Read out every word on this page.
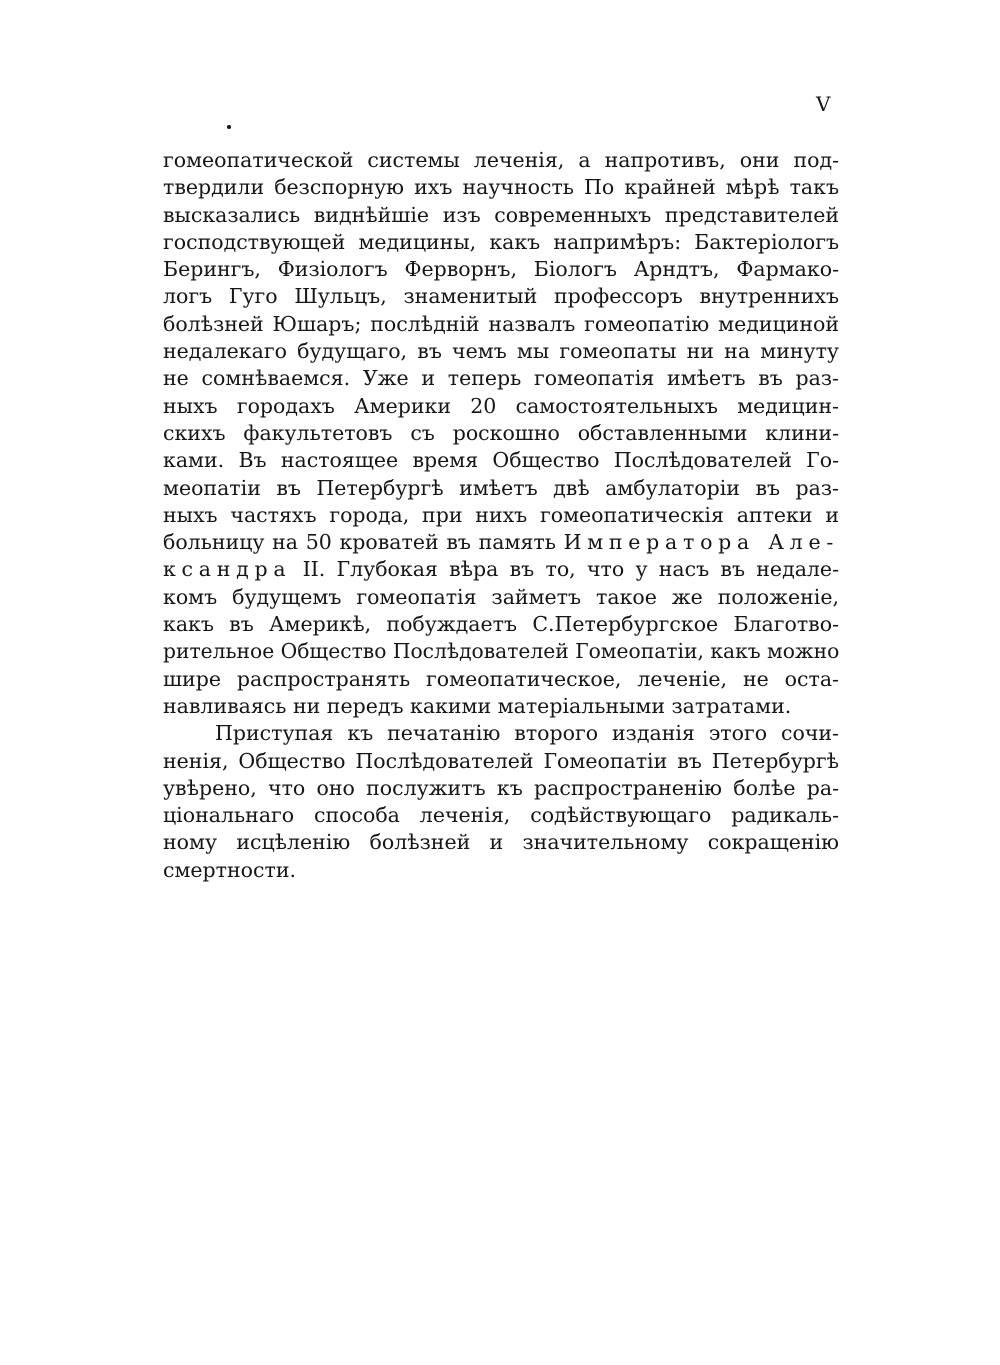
V
гомеопатической системы леченія, а напротивъ, они под-
твердили безспорную ихъ научность По крайней мѣрѣ такъ
высказались виднѣйшіе изъ современныхъ представителей
господствующей медицины, какъ напримѣръ: Бактеріологъ
Берингъ, Физіологъ Ферворнъ, Біологъ Арндтъ, Фармако-
логъ Гуго Шульцъ, знаменитый профессоръ внутреннихъ
болѣзней Юшаръ; послѣдній назвалъ гомеопатію медициной
недалекаго будущаго, въ чемъ мы гомеопаты ни на минуту
не сомнѣваемся. Уже и теперь гомеопатія имѣетъ въ раз-
ныхъ городахъ Америки 20 самостоятельныхъ медицин-
скихъ факультетовъ съ роскошно обставленными клини-
ками. Въ настоящее время Общество Послѣдователей Го-
меопатіи въ Петербургѣ имѣетъ двѣ амбулаторіи въ раз-
ныхъ частяхъ города, при нихъ гомеопатическія аптеки и
больницу на 50 кроватей въ память Императора Але-
ксандра II. Глубокая вѣра въ то, что у насъ въ недале-
комъ будущемъ гомеопатія займетъ такое же положеніе,
какъ въ Америкѣ, побуждаетъ С.Петербургское Благотво-
рительное Общество Послѣдователей Гомеопатіи, какъ можно
шире распространять гомеопатическое, леченіе, не оста-
навливаясь ни передъ какими матеріальными затратами.
Приступая къ печатанію второго изданія этого сочи-
ненія, Общество Послѣдователей Гомеопатіи въ Петербургѣ
увѣрено, что оно послужитъ къ распространенію болѣе ра-
ціональнаго способа леченія, содѣйствующаго радикаль-
ному исцѣленію болѣзней и значительному сокращенію
смертности.
